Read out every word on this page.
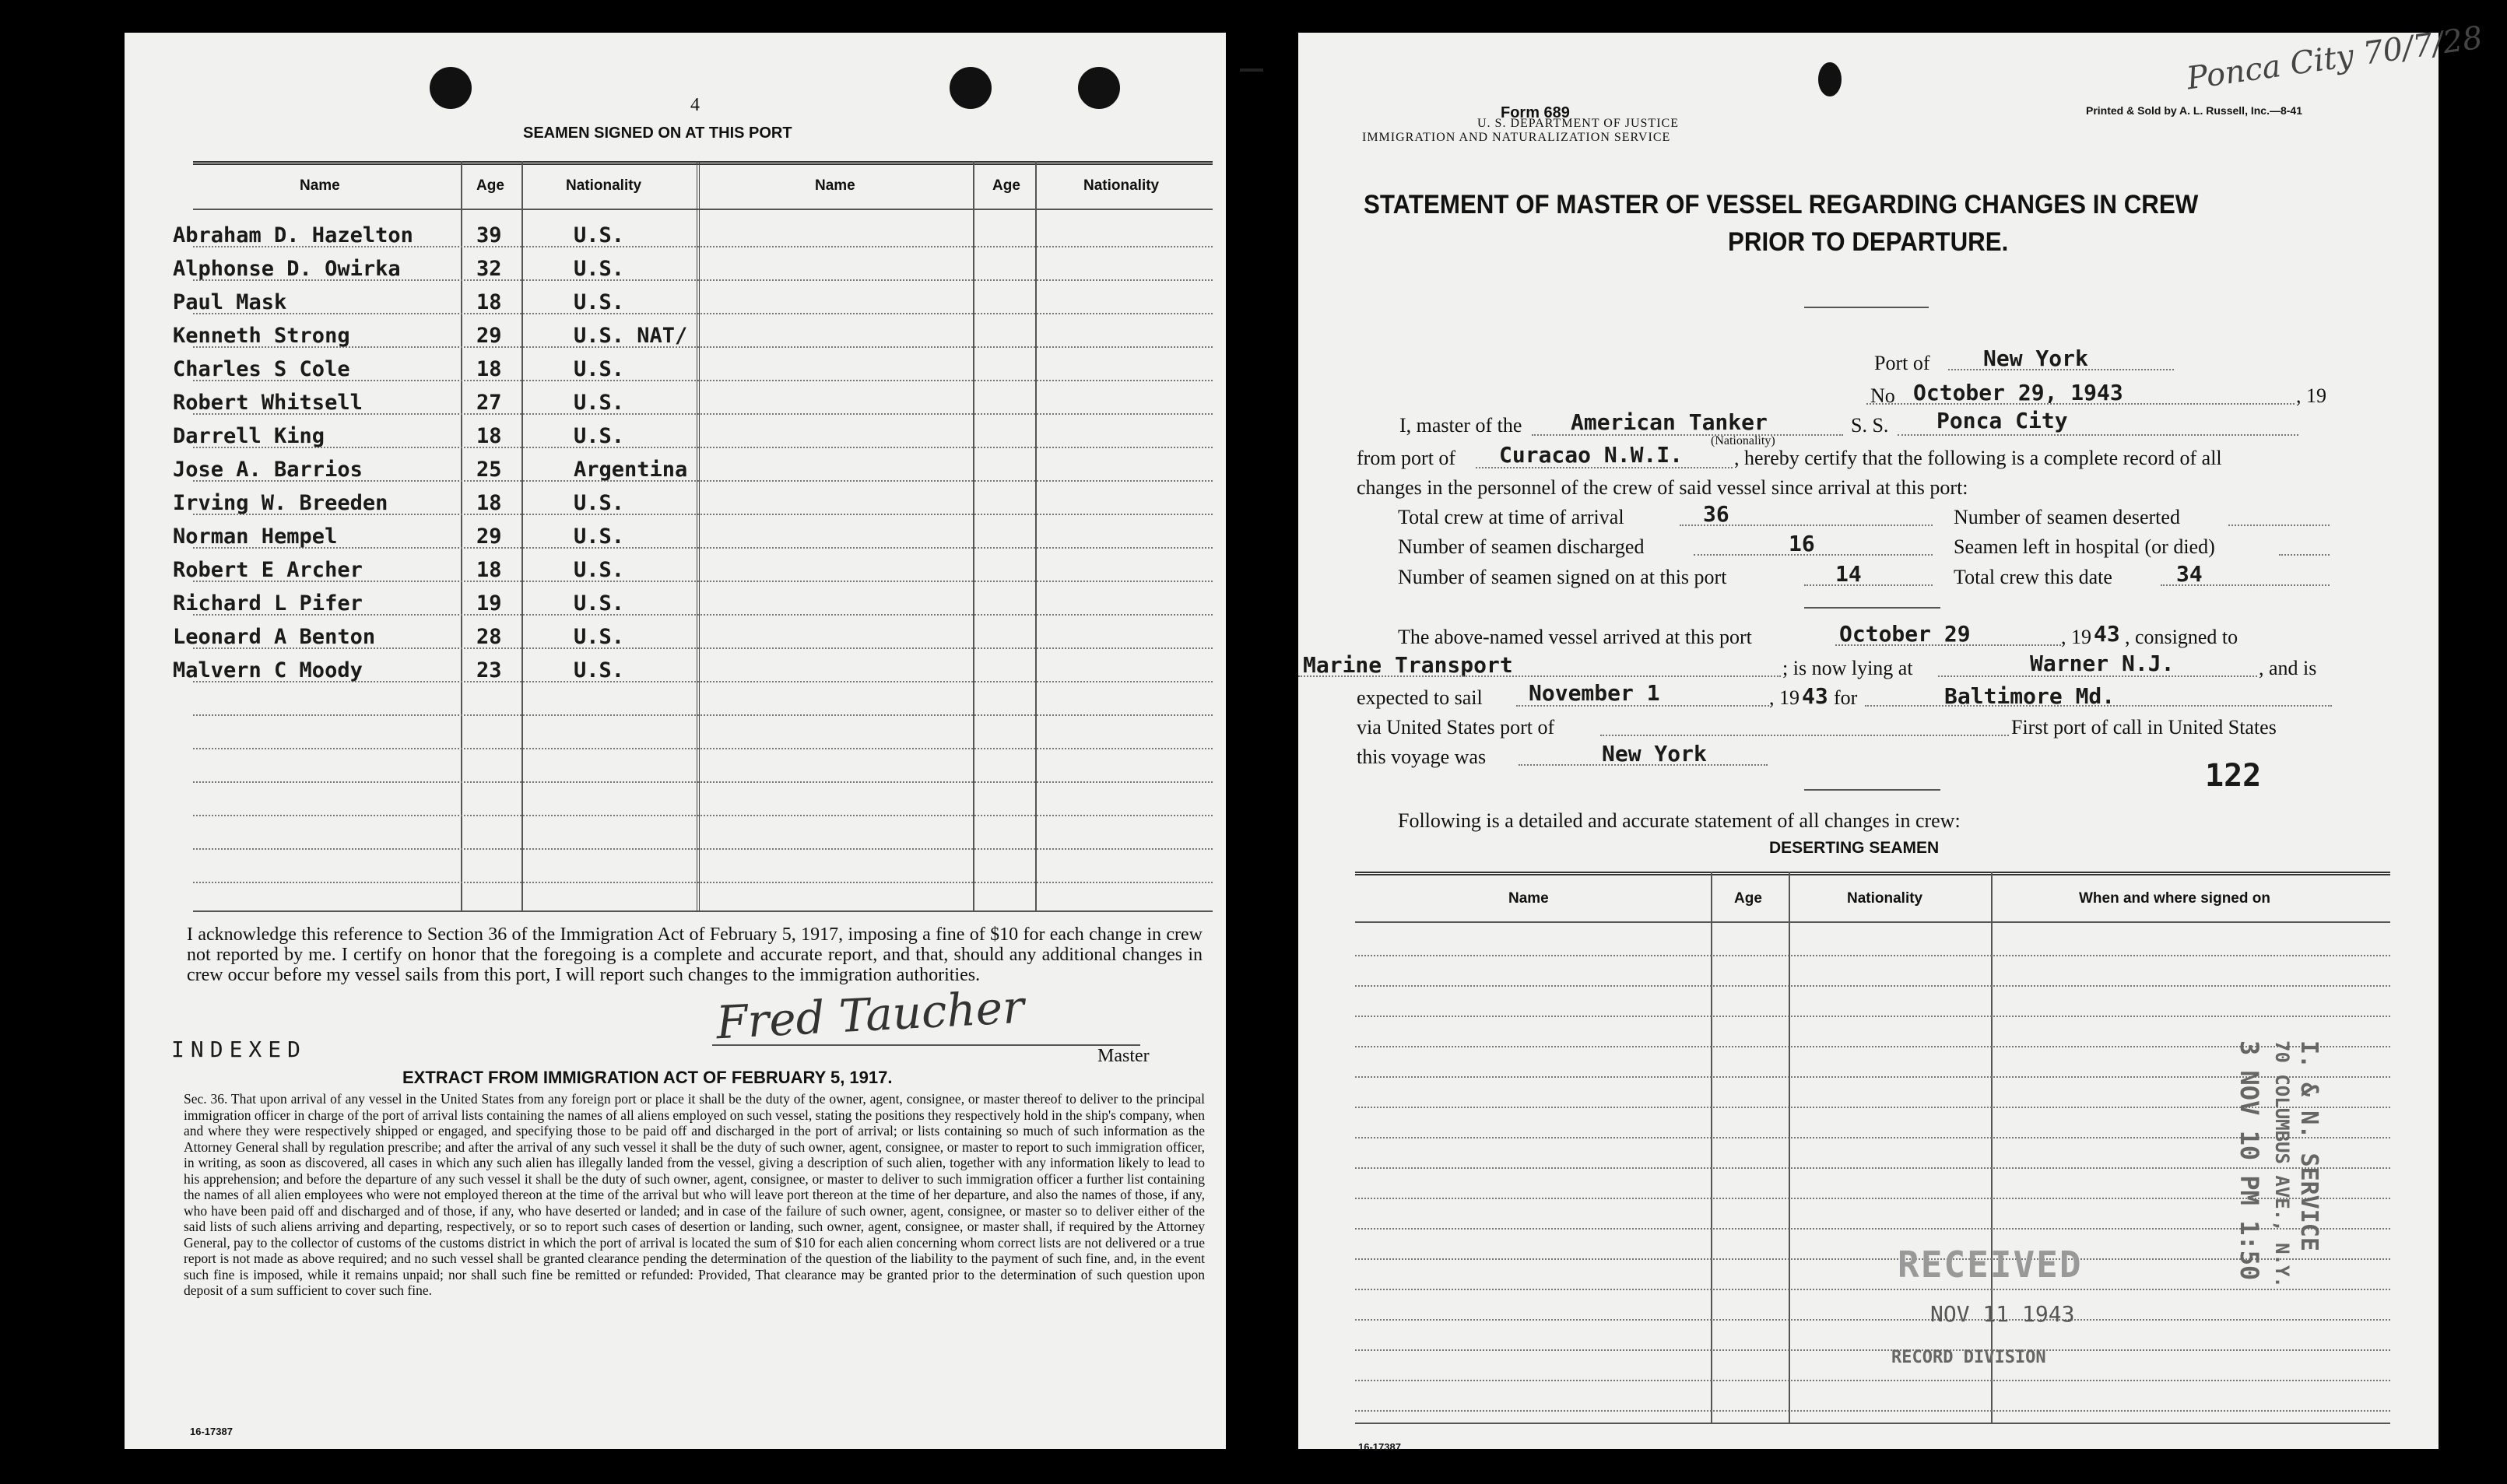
4
SEAMEN SIGNED ON AT THIS PORT
Name	Age	Nationality	Name	Age	Nationality
Abraham D. Hazelton	39	U.S.
Alphonse D. Owirka	32	U.S.
Paul Mask	18	U.S.
Kenneth Strong	29	U.S. NAT/
Charles S Cole	18	U.S.
Robert Whitsell	27	U.S.
Darrell King	18	U.S.
Jose A. Barrios	25	Argentina
Irving W. Breeden	18	U.S.
Norman Hempel	29	U.S.
Robert E Archer	18	U.S.
Richard L Pifer	19	U.S.
Leonard A Benton	28	U.S.
Malvern C Moody	23	U.S.
I acknowledge this reference to Section 36 of the Immigration Act of February 5, 1917, imposing a fine of $10 for each change in crew not reported by me. I certify on honor that the foregoing is a complete and accurate report, and that, should any additional changes in crew occur before my vessel sails from this port, I will report such changes to the immigration authorities.
Fred Taucher
Master
INDEXED
EXTRACT FROM IMMIGRATION ACT OF FEBRUARY 5, 1917.
Sec. 36. That upon arrival of any vessel in the United States from any foreign port or place it shall be the duty of the owner, agent, consignee, or master thereof to deliver to the principal immigration officer in charge of the port of arrival lists containing the names of all aliens employed on such vessel, stating the positions they respectively hold in the ship's company, when and where they were respectively shipped or engaged, and specifying those to be paid off and discharged in the port of arrival; or lists containing so much of such information as the Attorney General shall by regulation prescribe; and after the arrival of any such vessel it shall be the duty of such owner, agent, consignee, or master to report to such immigration officer, in writing, as soon as discovered, all cases in which any such alien has illegally landed from the vessel, giving a description of such alien, together with any information likely to lead to his apprehension; and before the departure of any such vessel it shall be the duty of such owner, agent, consignee, or master to deliver to such immigration officer a further list containing the names of all alien employees who were not employed thereon at the time of the arrival but who will leave port thereon at the time of her departure, and also the names of those, if any, who have been paid off and discharged and of those, if any, who have deserted or landed; and in case of the failure of such owner, agent, consignee, or master so to deliver either of the said lists of such aliens arriving and departing, respectively, or so to report such cases of desertion or landing, such owner, agent, consignee, or master shall, if required by the Attorney General, pay to the collector of customs of the customs district in which the port of arrival is located the sum of $10 for each alien concerning whom correct lists are not delivered or a true report is not made as above required; and no such vessel shall be granted clearance pending the determination of the question of the liability to the payment of such fine, and, in the event such fine is imposed, while it remains unpaid; nor shall such fine be remitted or refunded: Provided, That clearance may be granted prior to the determination of such question upon deposit of a sum sufficient to cover such fine.
16-17387
Form 689
U. S. DEPARTMENT OF JUSTICE
IMMIGRATION AND NATURALIZATION SERVICE
Printed & Sold by A. L. Russell, Inc.—8-41
Ponca City 70/7/28
STATEMENT OF MASTER OF VESSEL REGARDING CHANGES IN CREW
PRIOR TO DEPARTURE.
Port of New York
No October 29, 1943	, 19
I, master of the American Tanker
(Nationality)
S. S. Ponca City
from port of Curacao N.W.I.	, hereby certify that the following is a complete record of all
changes in the personnel of the crew of said vessel since arrival at this port:
Total crew at time of arrival	36	Number of seamen deserted
Number of seamen discharged	16	Seamen left in hospital (or died)
Number of seamen signed on at this port	14	Total crew this date	34
The above-named vessel arrived at this port	October 29	, 19 43 , consigned to
Marine Transport	; is now lying at	Warner N.J.	, and is
expected to sail November 1	, 19 43 for	Baltimore Md.
via United States port of	First port of call in United States
this voyage was	New York
122
Following is a detailed and accurate statement of all changes in crew:
DESERTING SEAMEN
Name	Age	Nationality	When and where signed on
I. & N. SERVICE
70 COLUMBUS AVE., N.Y.
3 NOV 10 PM 1:50
RECEIVED
NOV 11 1943
RECORD DIVISION
16-17387
